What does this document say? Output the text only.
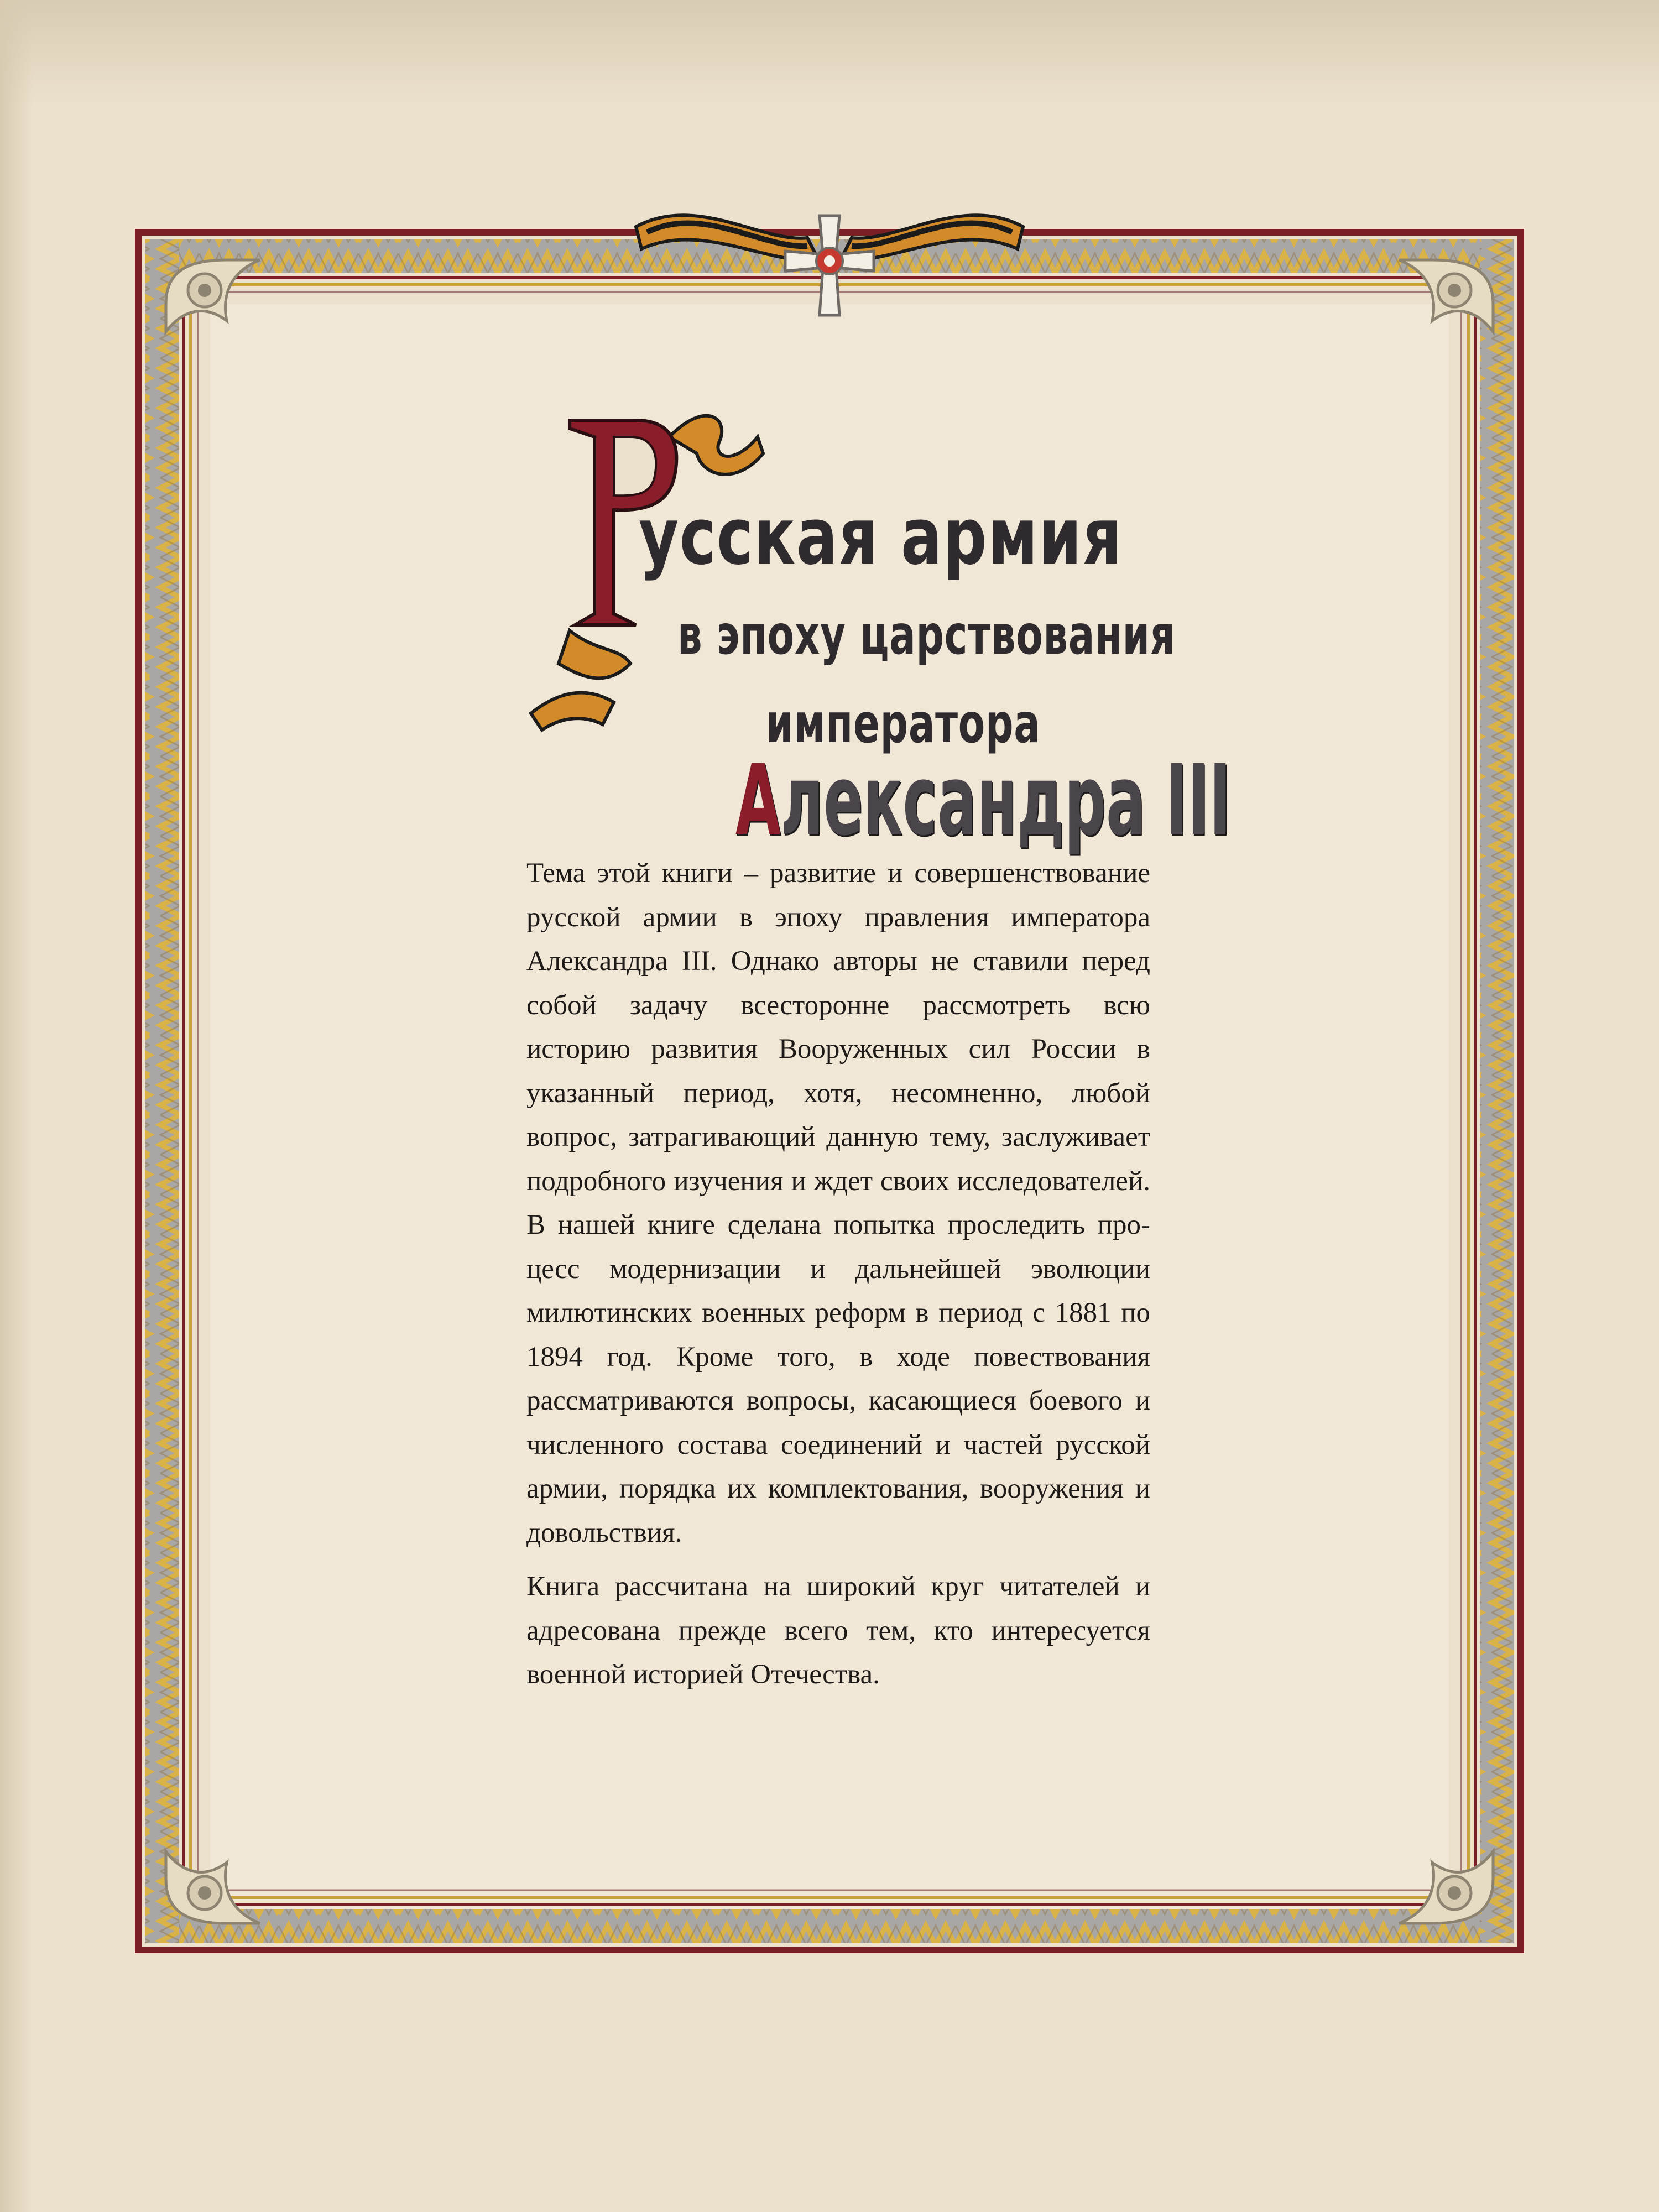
усская армия
в эпоху царствования
императора
Александра III

Тема этой книги – развитие и совершенствование русской армии в эпоху правления императора Александра III. Однако авторы не ставили перед собой задачу всесторонне рассмотреть всю историю развития Вооруженных сил России в указанный период, хотя, несомненно, любой вопрос, затрагивающий данную тему, заслуживает подробного изучения и ждет своих исследователей. В нашей книге сделана попытка проследить процесс модернизации и дальнейшей эволюции милютинских военных реформ в период с 1881 по 1894 год. Кроме того, в ходе повествования рассматриваются вопросы, касающиеся боевого и численного состава соединений и частей русской армии, порядка их комплектования, вооружения и довольствия.

Книга рассчитана на широкий круг читателей и адресована прежде всего тем, кто интересуется военной историей Отечества.
